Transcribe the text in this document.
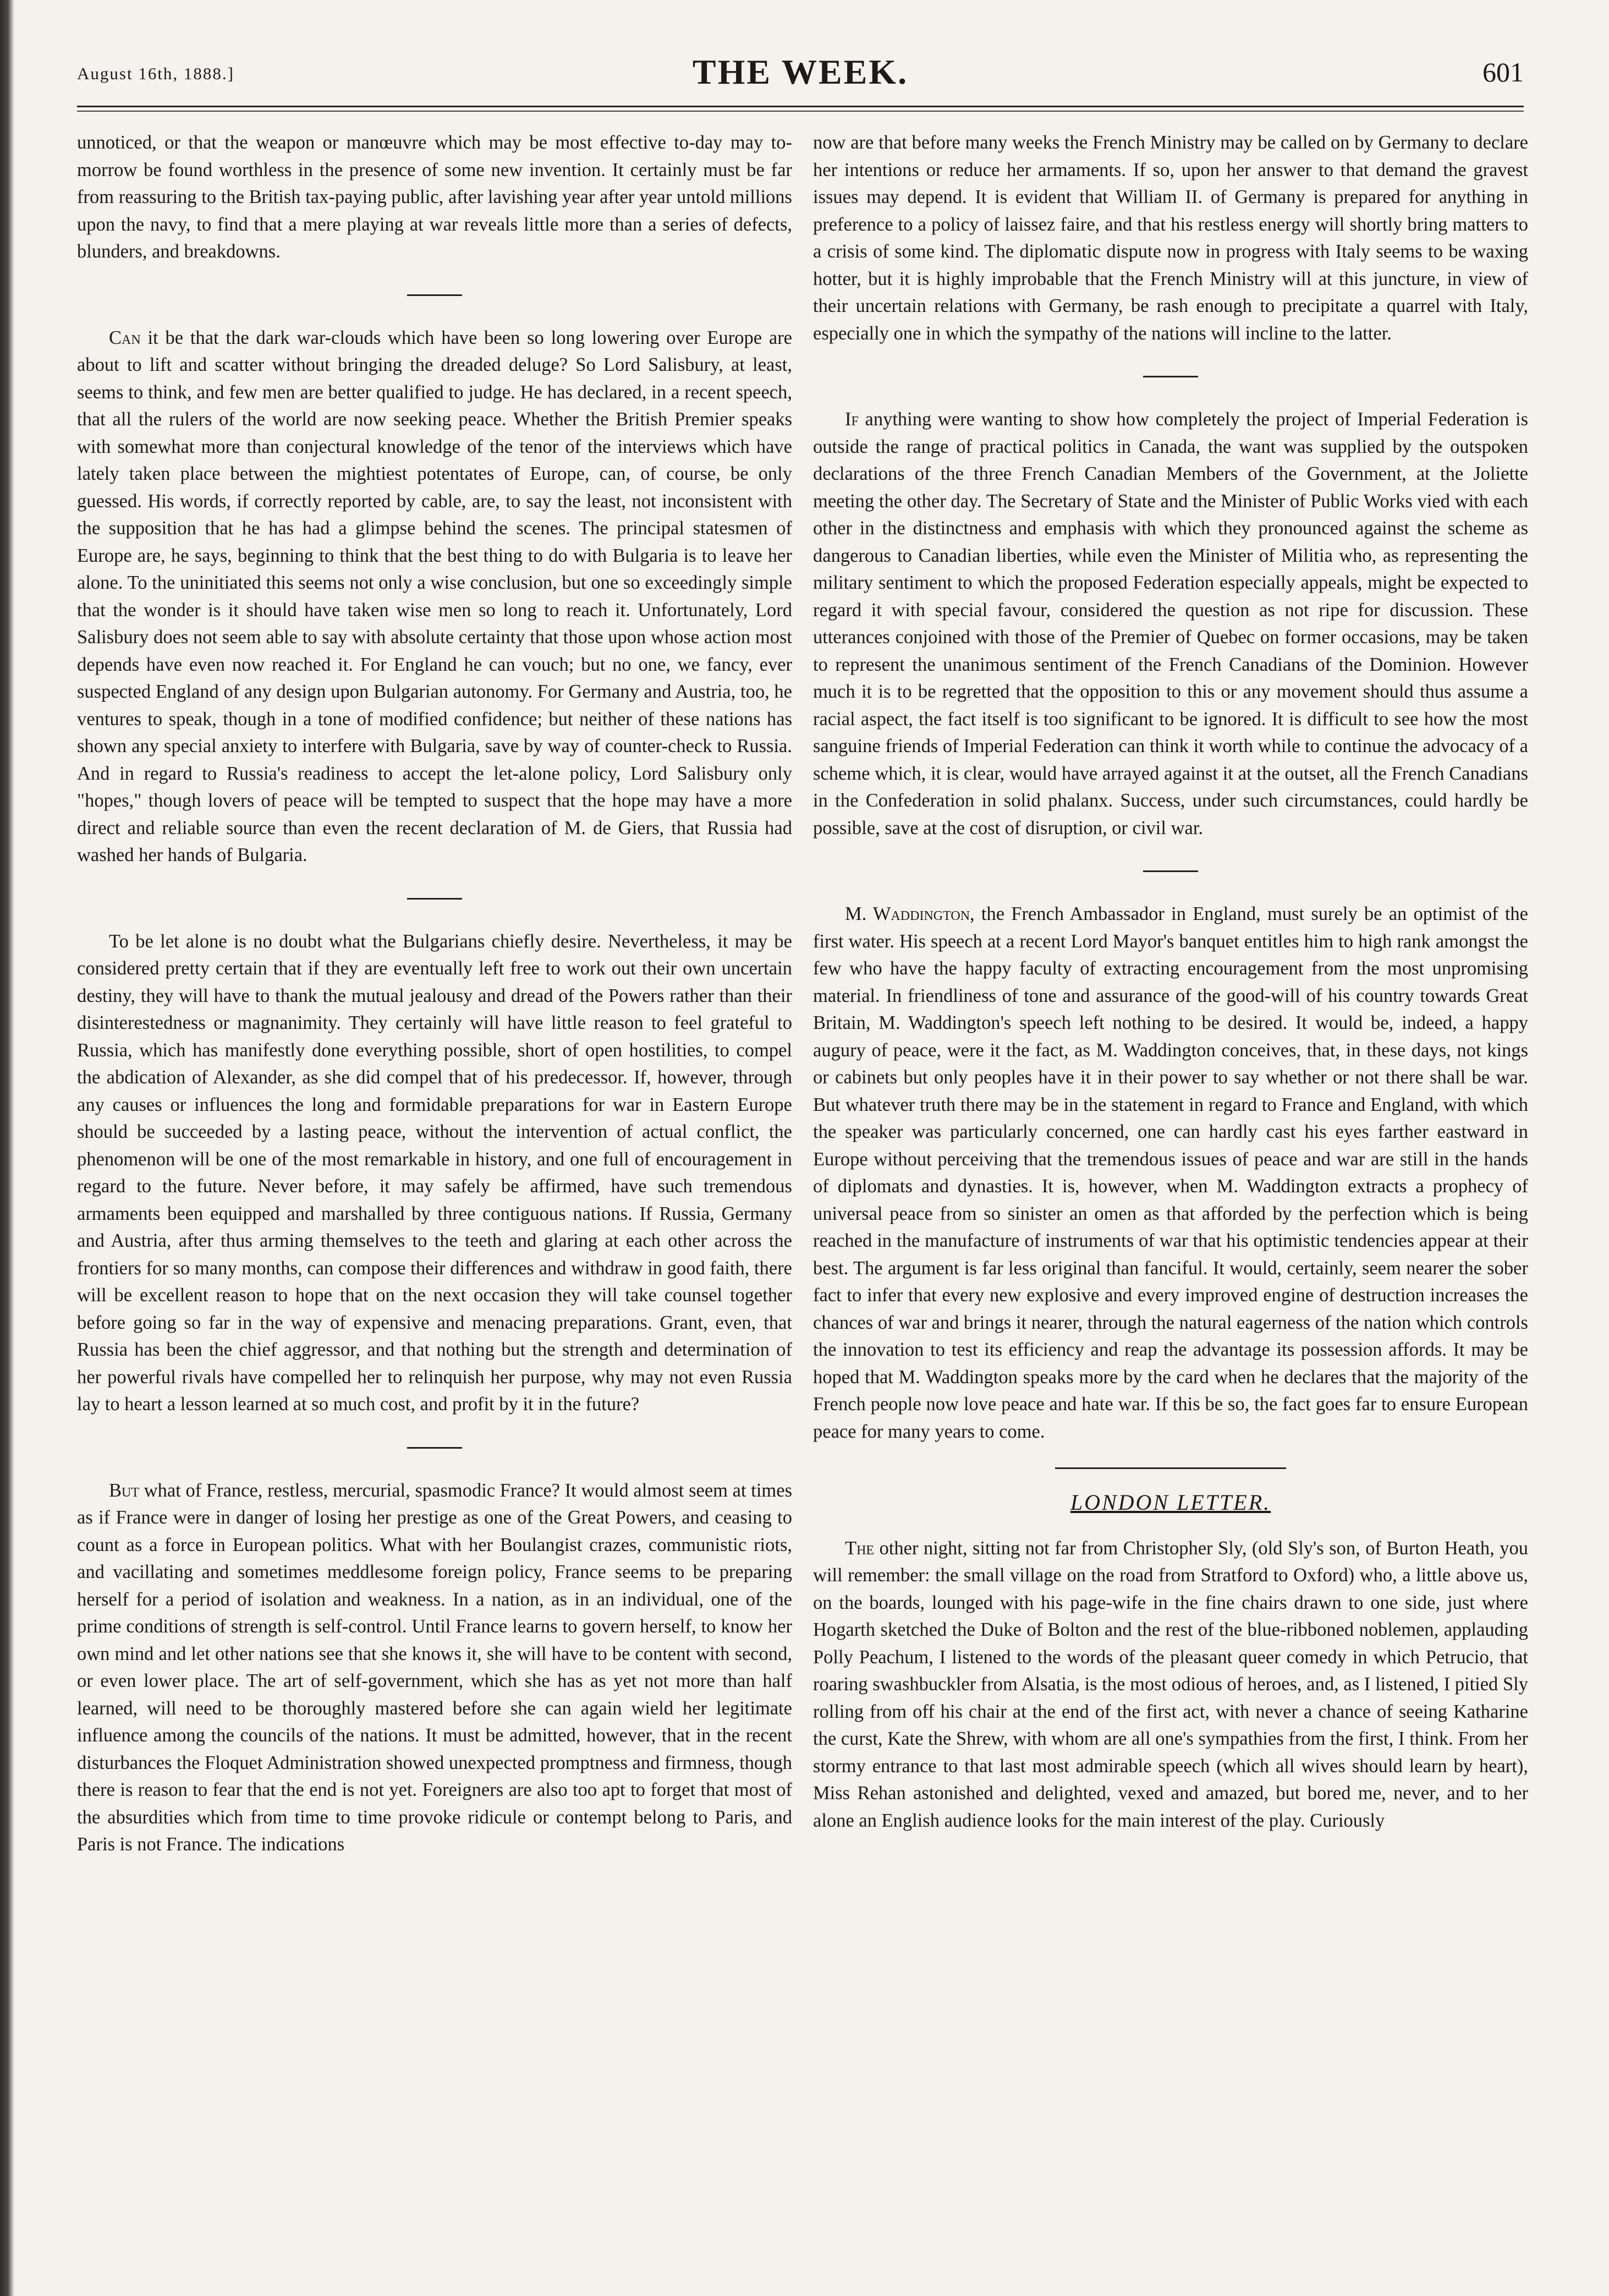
August 16th, 1888.]	THE WEEK.	601

unnoticed, or that the weapon or manœuvre which may be most effective to-day may to-morrow be found worthless in the presence of some new invention. It certainly must be far from reassuring to the British tax-paying public, after lavishing year after year untold millions upon the navy, to find that a mere playing at war reveals little more than a series of defects, blunders, and breakdowns.

Can it be that the dark war-clouds which have been so long lowering over Europe are about to lift and scatter without bringing the dreaded deluge? So Lord Salisbury, at least, seems to think, and few men are better qualified to judge. He has declared, in a recent speech, that all the rulers of the world are now seeking peace. Whether the British Premier speaks with somewhat more than conjectural knowledge of the tenor of the interviews which have lately taken place between the mightiest potentates of Europe, can, of course, be only guessed. His words, if correctly reported by cable, are, to say the least, not inconsistent with the supposition that he has had a glimpse behind the scenes. The principal statesmen of Europe are, he says, beginning to think that the best thing to do with Bulgaria is to leave her alone. To the uninitiated this seems not only a wise conclusion, but one so exceedingly simple that the wonder is it should have taken wise men so long to reach it. Unfortunately, Lord Salisbury does not seem able to say with absolute certainty that those upon whose action most depends have even now reached it. For England he can vouch; but no one, we fancy, ever suspected England of any design upon Bulgarian autonomy. For Germany and Austria, too, he ventures to speak, though in a tone of modified confidence; but neither of these nations has shown any special anxiety to interfere with Bulgaria, save by way of counter-check to Russia. And in regard to Russia's readiness to accept the let-alone policy, Lord Salisbury only "hopes," though lovers of peace will be tempted to suspect that the hope may have a more direct and reliable source than even the recent declaration of M. de Giers, that Russia had washed her hands of Bulgaria.

To be let alone is no doubt what the Bulgarians chiefly desire. Nevertheless, it may be considered pretty certain that if they are eventually left free to work out their own uncertain destiny, they will have to thank the mutual jealousy and dread of the Powers rather than their disinterestedness or magnanimity. They certainly will have little reason to feel grateful to Russia, which has manifestly done everything possible, short of open hostilities, to compel the abdication of Alexander, as she did compel that of his predecessor. If, however, through any causes or influences the long and formidable preparations for war in Eastern Europe should be succeeded by a lasting peace, without the intervention of actual conflict, the phenomenon will be one of the most remarkable in history, and one full of encouragement in regard to the future. Never before, it may safely be affirmed, have such tremendous armaments been equipped and marshalled by three contiguous nations. If Russia, Germany and Austria, after thus arming themselves to the teeth and glaring at each other across the frontiers for so many months, can compose their differences and withdraw in good faith, there will be excellent reason to hope that on the next occasion they will take counsel together before going so far in the way of expensive and menacing preparations. Grant, even, that Russia has been the chief aggressor, and that nothing but the strength and determination of her powerful rivals have compelled her to relinquish her purpose, why may not even Russia lay to heart a lesson learned at so much cost, and profit by it in the future?

But what of France, restless, mercurial, spasmodic France? It would almost seem at times as if France were in danger of losing her prestige as one of the Great Powers, and ceasing to count as a force in European politics. What with her Boulangist crazes, communistic riots, and vacillating and sometimes meddlesome foreign policy, France seems to be preparing herself for a period of isolation and weakness. In a nation, as in an individual, one of the prime conditions of strength is self-control. Until France learns to govern herself, to know her own mind and let other nations see that she knows it, she will have to be content with second, or even lower place. The art of self-government, which she has as yet not more than half learned, will need to be thoroughly mastered before she can again wield her legitimate influence among the councils of the nations. It must be admitted, however, that in the recent disturbances the Floquet Administration showed unexpected promptness and firmness, though there is reason to fear that the end is not yet. Foreigners are also too apt to forget that most of the absurdities which from time to time provoke ridicule or contempt belong to Paris, and Paris is not France. The indications

now are that before many weeks the French Ministry may be called on by Germany to declare her intentions or reduce her armaments. If so, upon her answer to that demand the gravest issues may depend. It is evident that William II. of Germany is prepared for anything in preference to a policy of laissez faire, and that his restless energy will shortly bring matters to a crisis of some kind. The diplomatic dispute now in progress with Italy seems to be waxing hotter, but it is highly improbable that the French Ministry will at this juncture, in view of their uncertain relations with Germany, be rash enough to precipitate a quarrel with Italy, especially one in which the sympathy of the nations will incline to the latter.

If anything were wanting to show how completely the project of Imperial Federation is outside the range of practical politics in Canada, the want was supplied by the outspoken declarations of the three French Canadian Members of the Government, at the Joliette meeting the other day. The Secretary of State and the Minister of Public Works vied with each other in the distinctness and emphasis with which they pronounced against the scheme as dangerous to Canadian liberties, while even the Minister of Militia who, as representing the military sentiment to which the proposed Federation especially appeals, might be expected to regard it with special favour, considered the question as not ripe for discussion. These utterances conjoined with those of the Premier of Quebec on former occasions, may be taken to represent the unanimous sentiment of the French Canadians of the Dominion. However much it is to be regretted that the opposition to this or any movement should thus assume a racial aspect, the fact itself is too significant to be ignored. It is difficult to see how the most sanguine friends of Imperial Federation can think it worth while to continue the advocacy of a scheme which, it is clear, would have arrayed against it at the outset, all the French Canadians in the Confederation in solid phalanx. Success, under such circumstances, could hardly be possible, save at the cost of disruption, or civil war.

M. Waddington, the French Ambassador in England, must surely be an optimist of the first water. His speech at a recent Lord Mayor's banquet entitles him to high rank amongst the few who have the happy faculty of extracting encouragement from the most unpromising material. In friendliness of tone and assurance of the good-will of his country towards Great Britain, M. Waddington's speech left nothing to be desired. It would be, indeed, a happy augury of peace, were it the fact, as M. Waddington conceives, that, in these days, not kings or cabinets but only peoples have it in their power to say whether or not there shall be war. But whatever truth there may be in the statement in regard to France and England, with which the speaker was particularly concerned, one can hardly cast his eyes farther eastward in Europe without perceiving that the tremendous issues of peace and war are still in the hands of diplomats and dynasties. It is, however, when M. Waddington extracts a prophecy of universal peace from so sinister an omen as that afforded by the perfection which is being reached in the manufacture of instruments of war that his optimistic tendencies appear at their best. The argument is far less original than fanciful. It would, certainly, seem nearer the sober fact to infer that every new explosive and every improved engine of destruction increases the chances of war and brings it nearer, through the natural eagerness of the nation which controls the innovation to test its efficiency and reap the advantage its possession affords. It may be hoped that M. Waddington speaks more by the card when he declares that the majority of the French people now love peace and hate war. If this be so, the fact goes far to ensure European peace for many years to come.

LONDON LETTER.

The other night, sitting not far from Christopher Sly, (old Sly's son, of Burton Heath, you will remember: the small village on the road from Stratford to Oxford) who, a little above us, on the boards, lounged with his page-wife in the fine chairs drawn to one side, just where Hogarth sketched the Duke of Bolton and the rest of the blue-ribboned noblemen, applauding Polly Peachum, I listened to the words of the pleasant queer comedy in which Petrucio, that roaring swashbuckler from Alsatia, is the most odious of heroes, and, as I listened, I pitied Sly rolling from off his chair at the end of the first act, with never a chance of seeing Katharine the curst, Kate the Shrew, with whom are all one's sympathies from the first, I think. From her stormy entrance to that last most admirable speech (which all wives should learn by heart), Miss Rehan astonished and delighted, vexed and amazed, but bored me, never, and to her alone an English audience looks for the main interest of the play. Curiously
